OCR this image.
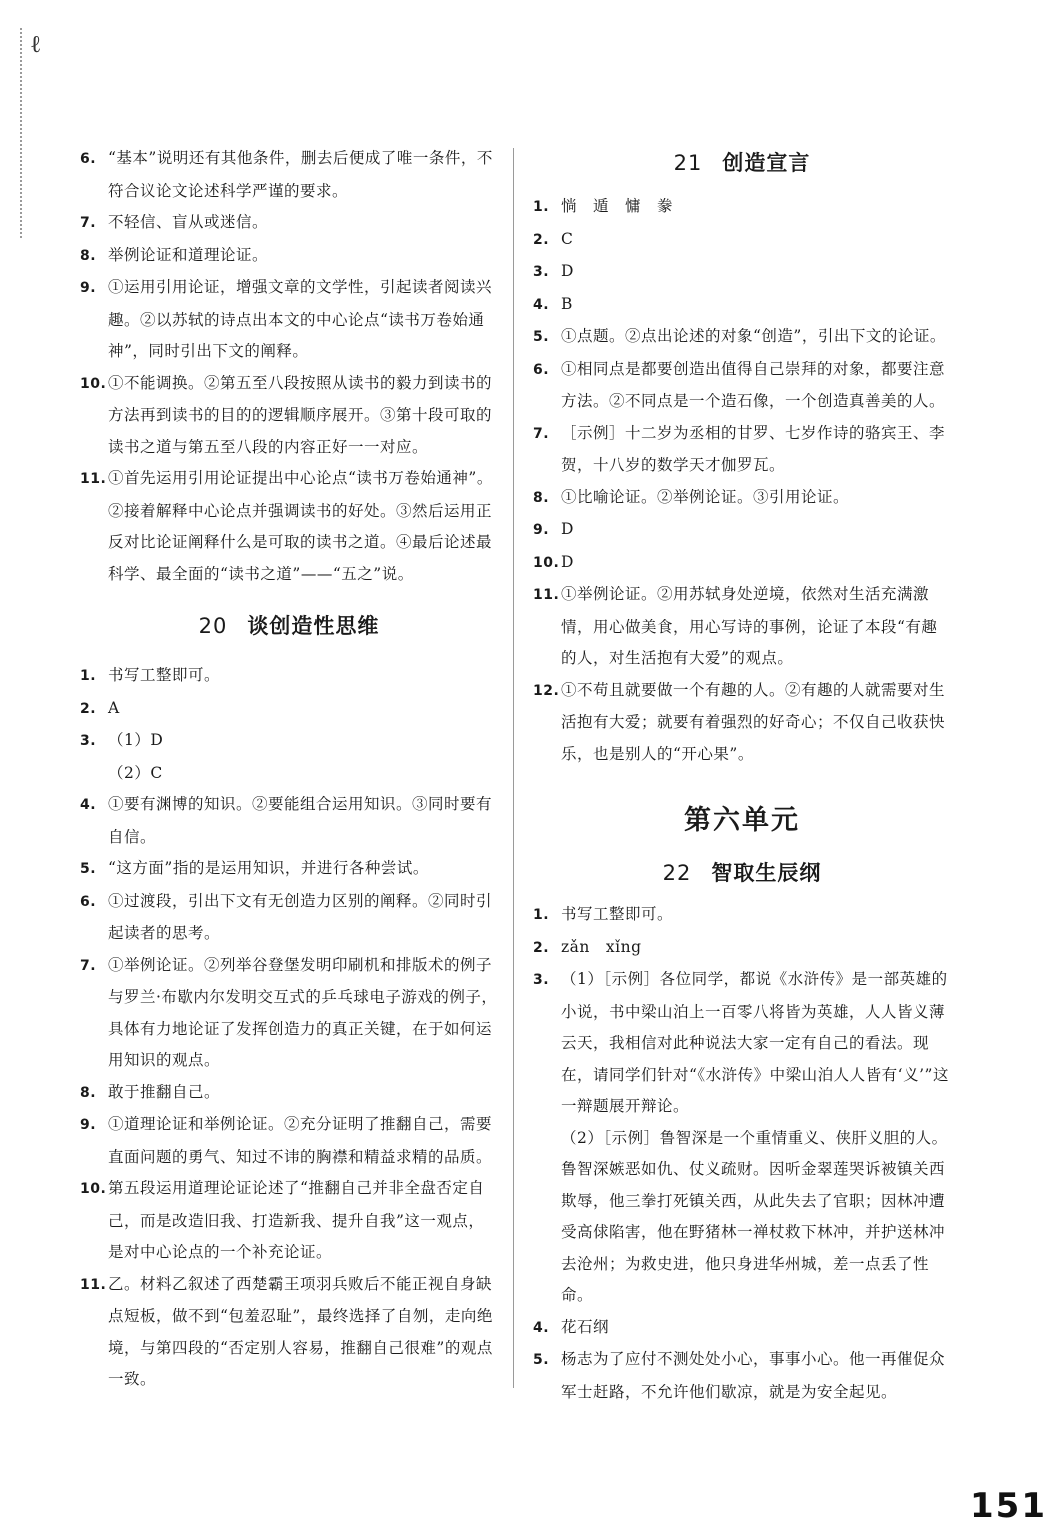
ℓ

6. “基本”说明还有其他条件，删去后便成了唯一条件，不符合议论文论述科学严谨的要求。

7. 不轻信、盲从或迷信。

8. 举例论证和道理论证。

9. ①运用引用论证，增强文章的文学性，引起读者阅读兴趣。②以苏轼的诗点出本文的中心论点“读书万卷始通神”，同时引出下文的阐释。

10. ①不能调换。②第五至八段按照从读书的毅力到读书的方法再到读书的目的的逻辑顺序展开。③第十段可取的读书之道与第五至八段的内容正好一一对应。

11. ①首先运用引用论证提出中心论点“读书万卷始通神”。②接着解释中心论点并强调读书的好处。③然后运用正反对比论证阐释什么是可取的读书之道。④最后论述最科学、最全面的“读书之道”——“五之”说。

20 谈创造性思维

1. 书写工整即可。

2. A

3. （1）D

（2）C

4. ①要有渊博的知识。②要能组合运用知识。③同时要有自信。

5. “这方面”指的是运用知识，并进行各种尝试。

6. ①过渡段，引出下文有无创造力区别的阐释。②同时引起读者的思考。

7. ①举例论证。②列举谷登堡发明印刷机和排版术的例子与罗兰·布歇内尔发明交互式的乒乓球电子游戏的例子，具体有力地论证了发挥创造力的真正关键，在于如何运用知识的观点。

8. 敢于推翻自己。

9. ①道理论证和举例论证。②充分证明了推翻自己，需要直面问题的勇气、知过不讳的胸襟和精益求精的品质。

10. 第五段运用道理论证论述了“推翻自己并非全盘否定自己，而是改造旧我、打造新我、提升自我”这一观点，是对中心论点的一个补充论证。

11. 乙。材料乙叙述了西楚霸王项羽兵败后不能正视自身缺点短板，做不到“包羞忍耻”，最终选择了自刎，走向绝境，与第四段的“否定别人容易，推翻自己很难”的观点一致。

21 创造宣言

1. 惝　遁　慵　豢

2. C

3. D

4. B

5. ①点题。②点出论述的对象“创造”，引出下文的论证。

6. ①相同点是都要创造出值得自己崇拜的对象，都要注意方法。②不同点是一个造石像，一个创造真善美的人。

7. ［示例］十二岁为丞相的甘罗、七岁作诗的骆宾王、李贺，十八岁的数学天才伽罗瓦。

8. ①比喻论证。②举例论证。③引用论证。

9. D

10. D

11. ①举例论证。②用苏轼身处逆境，依然对生活充满激情，用心做美食，用心写诗的事例，论证了本段“有趣的人，对生活抱有大爱”的观点。

12. ①不苟且就要做一个有趣的人。②有趣的人就需要对生活抱有大爱；就要有着强烈的好奇心；不仅自己收获快乐，也是别人的“开心果”。

第六单元
22 智取生辰纲

1. 书写工整即可。

2. zǎn　xǐng

3. （1）［示例］各位同学，都说《水浒传》是一部英雄的小说，书中梁山泊上一百零八将皆为英雄，人人皆义薄云天，我相信对此种说法大家一定有自己的看法。现在，请同学们针对“《水浒传》中梁山泊人人皆有‘义’”这一辩题展开辩论。

（2）［示例］鲁智深是一个重情重义、侠肝义胆的人。鲁智深嫉恶如仇、仗义疏财。因听金翠莲哭诉被镇关西欺辱，他三拳打死镇关西，从此失去了官职；因林冲遭受高俅陷害，他在野猪林一禅杖救下林冲，并护送林冲去沧州；为救史进，他只身进华州城，差一点丢了性命。

4. 花石纲

5. 杨志为了应付不测处处小心，事事小心。他一再催促众军士赶路，不允许他们歇凉，就是为安全起见。

151
